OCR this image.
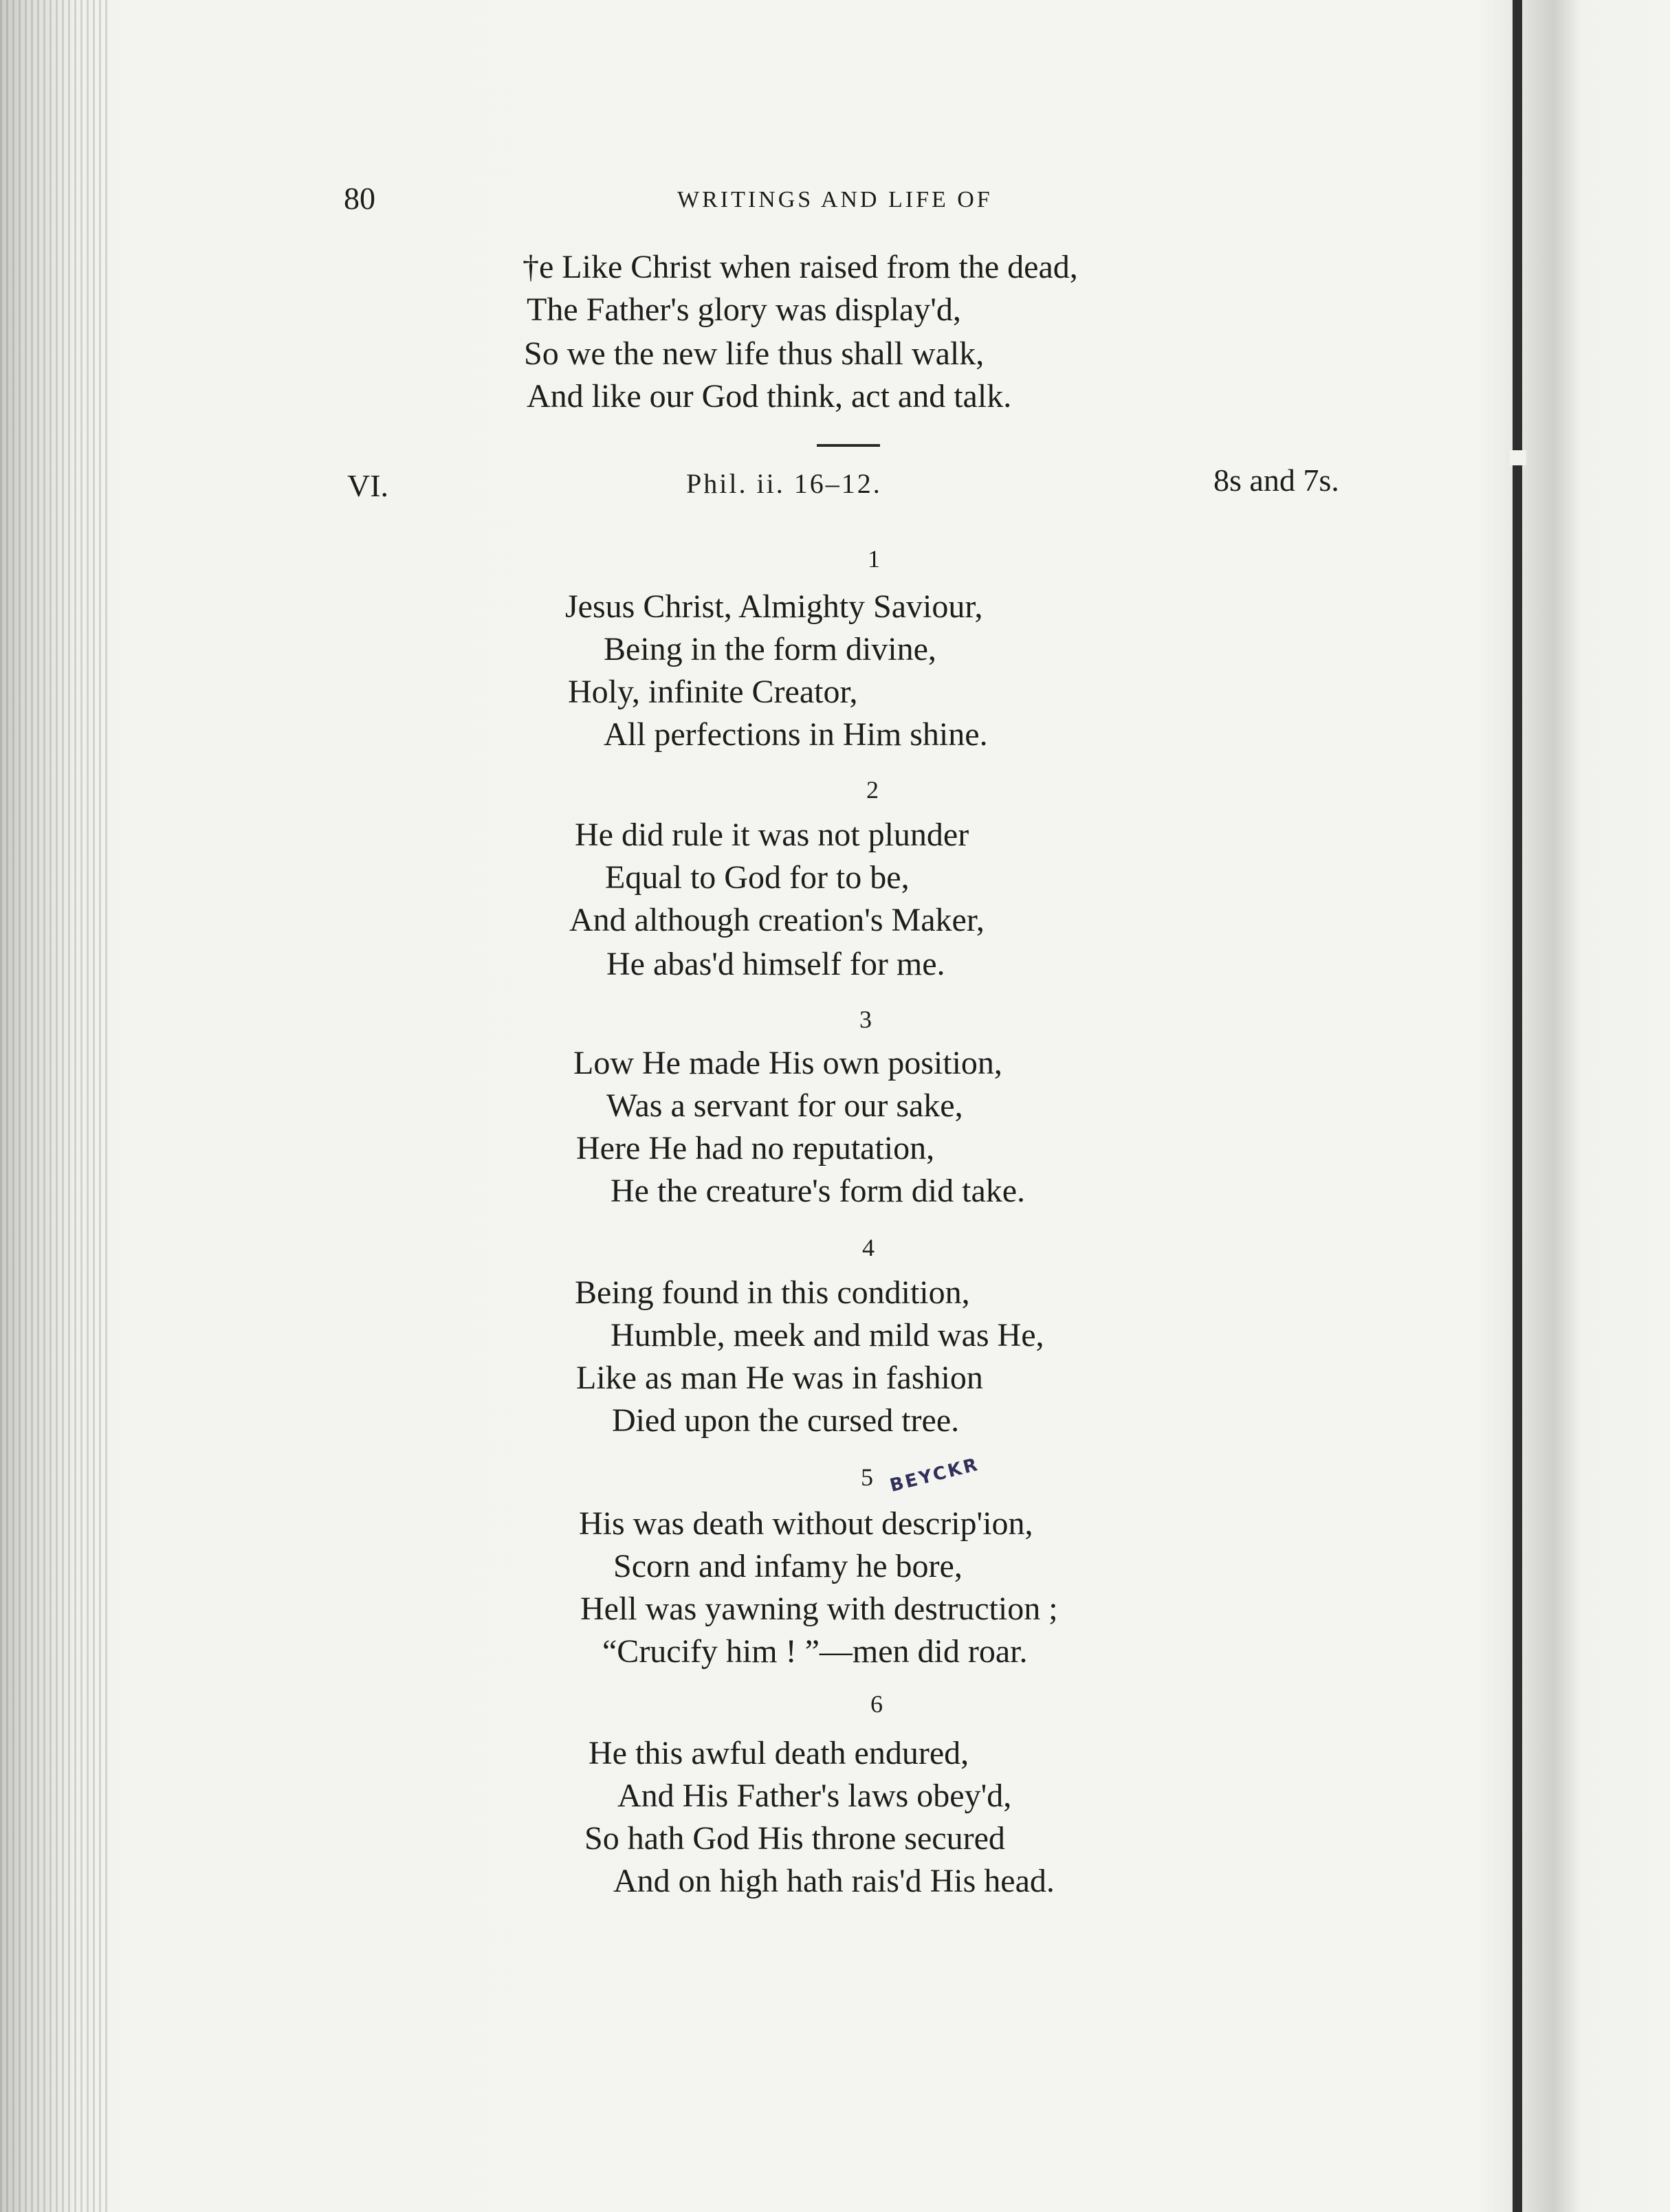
80	WRITINGS AND LIFE OF
†e Like Christ when raised from the dead,
The Father's glory was display'd,
So we the new life thus shall walk,
And like our God think, act and talk.
VI.	Phil. ii. 16–12.	8s and 7s.
1
Jesus Christ, Almighty Saviour,
Being in the form divine,
Holy, infinite Creator,
All perfections in Him shine.
2
He did rule it was not plunder
Equal to God for to be,
And although creation's Maker,
He abas'd himself for me.
3
Low He made His own position,
Was a servant for our sake,
Here He had no reputation,
He the creature's form did take.
4
Being found in this condition,
Humble, meek and mild was He,
Like as man He was in fashion
Died upon the cursed tree.
5 BEYCKR
His was death without descrip'ion,
Scorn and infamy he bore,
Hell was yawning with destruction ;
“Crucify him ! ”—men did roar.
6
He this awful death endured,
And His Father's laws obey'd,
So hath God His throne secured
And on high hath rais'd His head.
